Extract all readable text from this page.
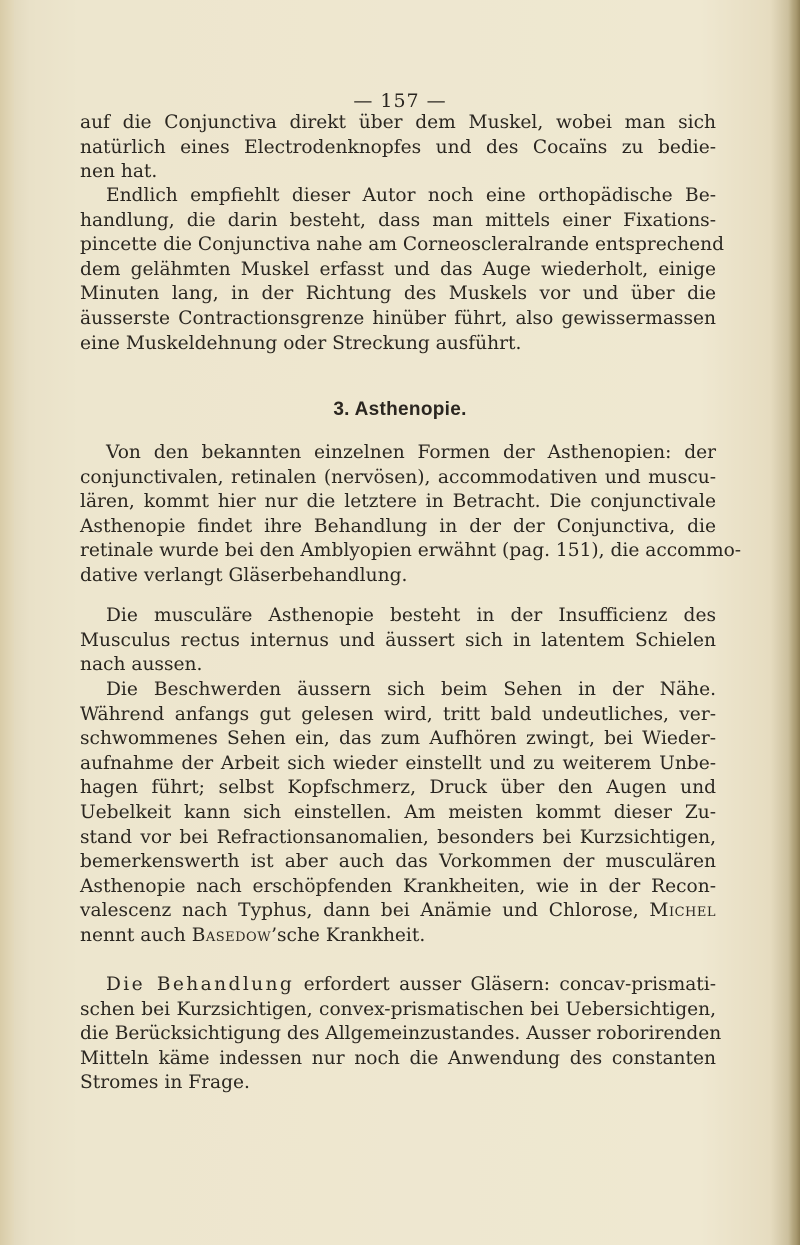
— 157 —
auf die Conjunctiva direkt über dem Muskel, wobei man sich
natürlich eines Electrodenknopfes und des Cocaïns zu bedie-
nen hat.
Endlich empfiehlt dieser Autor noch eine orthopädische Be-
handlung, die darin besteht, dass man mittels einer Fixations-
pincette die Conjunctiva nahe am Corneoscleralrande entsprechend
dem gelähmten Muskel erfasst und das Auge wiederholt, einige
Minuten lang, in der Richtung des Muskels vor und über die
äusserste Contractionsgrenze hinüber führt, also gewissermassen
eine Muskeldehnung oder Streckung ausführt.
3. Asthenopie.
Von den bekannten einzelnen Formen der Asthenopien: der
conjunctivalen, retinalen (nervösen), accommodativen und muscu-
lären, kommt hier nur die letztere in Betracht. Die conjunctivale
Asthenopie findet ihre Behandlung in der der Conjunctiva, die
retinale wurde bei den Amblyopien erwähnt (pag. 151), die accommo-
dative verlangt Gläserbehandlung.
Die musculäre Asthenopie besteht in der Insufficienz des
Musculus rectus internus und äussert sich in latentem Schielen
nach aussen.
Die Beschwerden äussern sich beim Sehen in der Nähe.
Während anfangs gut gelesen wird, tritt bald undeutliches, ver-
schwommenes Sehen ein, das zum Aufhören zwingt, bei Wieder-
aufnahme der Arbeit sich wieder einstellt und zu weiterem Unbe-
hagen führt; selbst Kopfschmerz, Druck über den Augen und
Uebelkeit kann sich einstellen. Am meisten kommt dieser Zu-
stand vor bei Refractionsanomalien, besonders bei Kurzsichtigen,
bemerkenswerth ist aber auch das Vorkommen der musculären
Asthenopie nach erschöpfenden Krankheiten, wie in der Recon-
valescenz nach Typhus, dann bei Anämie und Chlorose, Michel
nennt auch Basedow’sche Krankheit.
Die Behandlung erfordert ausser Gläsern: concav-prismati-
schen bei Kurzsichtigen, convex-prismatischen bei Uebersichtigen,
die Berücksichtigung des Allgemeinzustandes. Ausser roborirenden
Mitteln käme indessen nur noch die Anwendung des constanten
Stromes in Frage.
